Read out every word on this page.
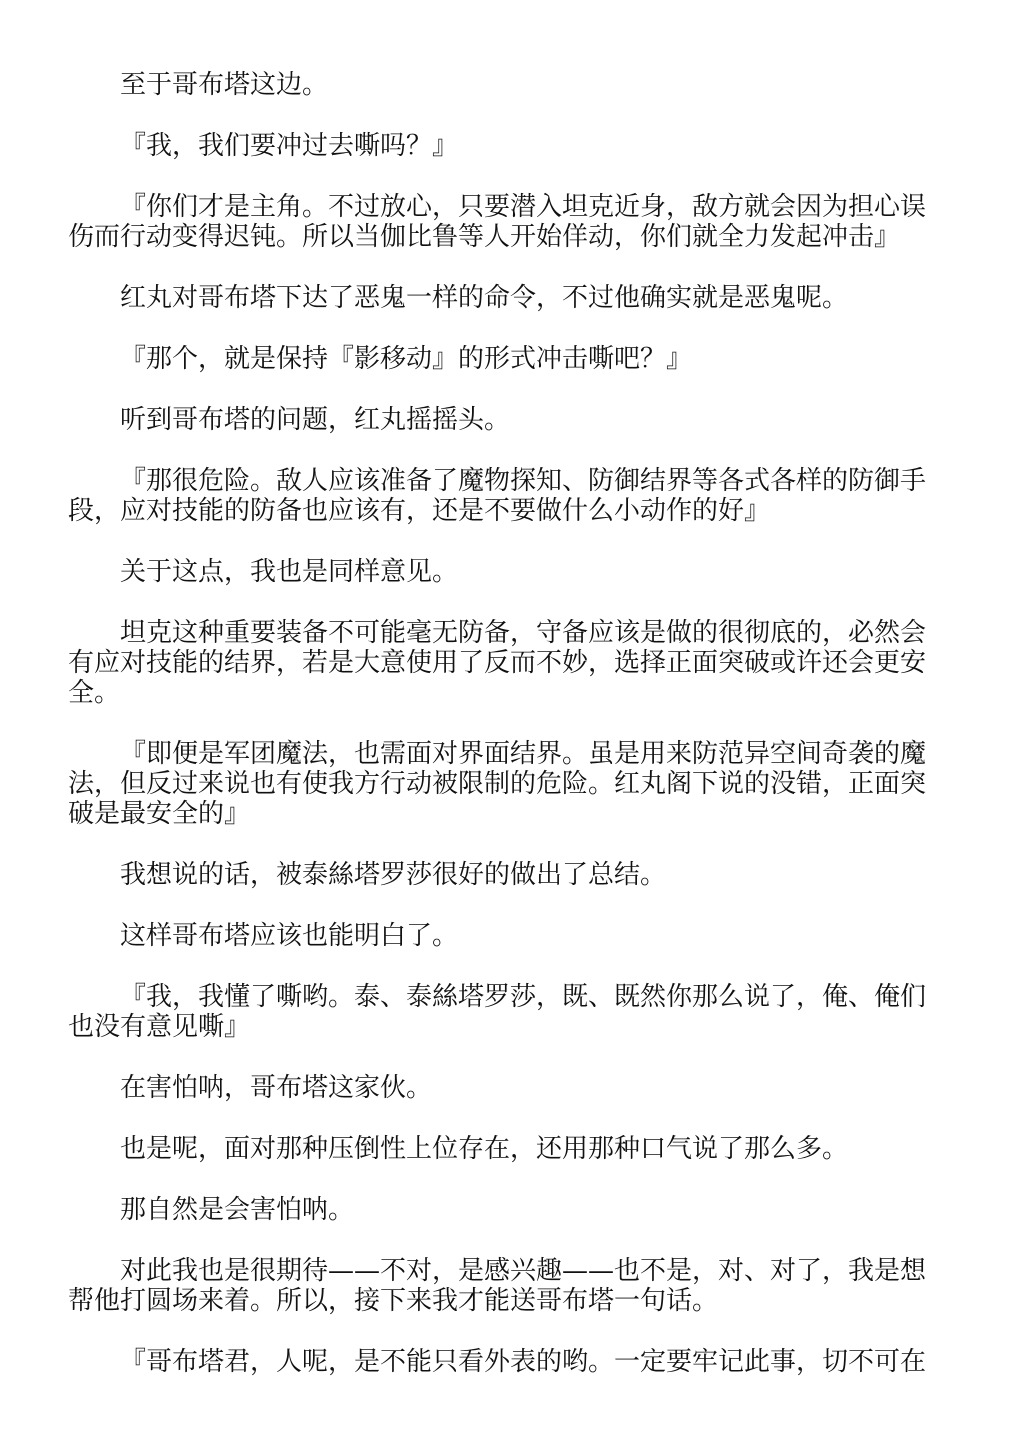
至于哥布塔这边。

『我，我们要冲过去嘶吗？』

『你们才是主角。不过放心，只要潜入坦克近身，敌方就会因为担心误伤而行动变得迟钝。所以当伽比鲁等人开始佯动，你们就全力发起冲击』

红丸对哥布塔下达了恶鬼一样的命令，不过他确实就是恶鬼呢。

『那个，就是保持『影移动』的形式冲击嘶吧？』

听到哥布塔的问题，红丸摇摇头。

『那很危险。敌人应该准备了魔物探知、防御结界等各式各样的防御手段，应对技能的防备也应该有，还是不要做什么小动作的好』

关于这点，我也是同样意见。

坦克这种重要装备不可能毫无防备，守备应该是做的很彻底的，必然会有应对技能的结界，若是大意使用了反而不妙，选择正面突破或许还会更安全。

『即便是军团魔法，也需面对界面结界。虽是用来防范异空间奇袭的魔法，但反过来说也有使我方行动被限制的危险。红丸阁下说的没错，正面突破是最安全的』

我想说的话，被泰絲塔罗莎很好的做出了总结。

这样哥布塔应该也能明白了。

『我，我懂了嘶哟。泰、泰絲塔罗莎，既、既然你那么说了，俺、俺们也没有意见嘶』

在害怕呐，哥布塔这家伙。

也是呢，面对那种压倒性上位存在，还用那种口气说了那么多。

那自然是会害怕呐。

对此我也是很期待——不对，是感兴趣——也不是，对、对了，我是想帮他打圆场来着。所以，接下来我才能送哥布塔一句话。

『哥布塔君，人呢，是不能只看外表的哟。一定要牢记此事，切不可在
